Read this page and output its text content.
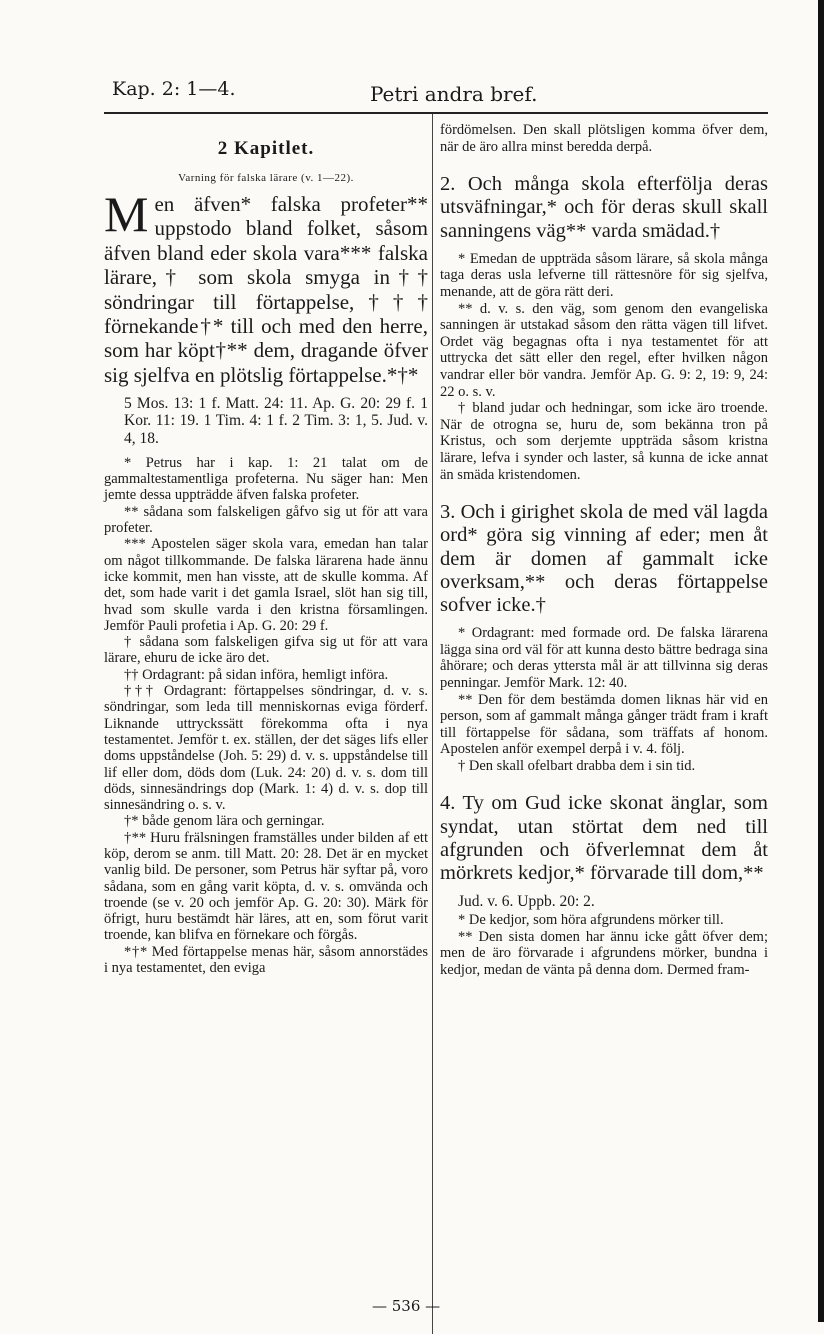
Kap. 2: 1—4.	Petri andra bref.
2 Kapitlet.
Varning för falska lärare (v. 1—22).

Men äfven* falska profeter** uppstodo bland folket, såsom äfven bland eder skola vara*** falska lärare,† som skola smyga in†† söndringar till förtappelse,††† förnekande†* till och med den herre, som har köpt†** dem, dragande öfver sig sjelfva en plötslig förtappelse.*†*

5 Mos. 13: 1 f. Matt. 24: 11. Ap. G. 20: 29 f. 1 Kor. 11: 19. 1 Tim. 4: 1 f. 2 Tim. 3: 1, 5. Jud. v. 4, 18.

* Petrus har i kap. 1: 21 talat om de gammaltestamentliga profeterna. Nu säger han: Men jemte dessa uppträdde äfven falska profeter.

** sådana som falskeligen gåfvo sig ut för att vara profeter.

*** Apostelen säger skola vara, emedan han talar om något tillkommande. De falska lärarena hade ännu icke kommit, men han visste, att de skulle komma. Af det, som hade varit i det gamla Israel, slöt han sig till, hvad som skulle varda i den kristna församlingen. Jemför Pauli profetia i Ap. G. 20: 29 f.

† sådana som falskeligen gifva sig ut för att vara lärare, ehuru de icke äro det.

†† Ordagrant: på sidan införa, hemligt införa.

††† Ordagrant: förtappelses söndringar, d. v. s. söndringar, som leda till menniskornas eviga förderf. Liknande uttryckssätt förekomma ofta i nya testamentet. Jemför t. ex. ställen, der det säges lifs eller doms uppståndelse (Joh. 5: 29) d. v. s. uppståndelse till lif eller dom, döds dom (Luk. 24: 20) d. v. s. dom till döds, sinnesändrings dop (Mark. 1: 4) d. v. s. dop till sinnesändring o. s. v.

†* både genom lära och gerningar.

†** Huru frälsningen framställes under bilden af ett köp, derom se anm. till Matt. 20: 28. Det är en mycket vanlig bild. De personer, som Petrus här syftar på, voro sådana, som en gång varit köpta, d. v. s. omvända och troende (se v. 20 och jemför Ap. G. 20: 30). Märk för öfrigt, huru bestämdt här läres, att en, som förut varit troende, kan blifva en förnekare och förgås.

*†* Med förtappelse menas här, såsom annorstädes i nya testamentet, den eviga

fördömelsen. Den skall plötsligen komma öfver dem, när de äro allra minst beredda derpå.

2. Och många skola efterfölja deras utsväfningar,* och för deras skull skall sanningens väg** varda smädad.†

* Emedan de uppträda såsom lärare, så skola många taga deras usla lefverne till rättesnöre för sig sjelfva, menande, att de göra rätt deri.

** d. v. s. den väg, som genom den evangeliska sanningen är utstakad såsom den rätta vägen till lifvet. Ordet väg begagnas ofta i nya testamentet för att uttrycka det sätt eller den regel, efter hvilken någon vandrar eller bör vandra. Jemför Ap. G. 9: 2, 19: 9, 24: 22 o. s. v.

† bland judar och hedningar, som icke äro troende. När de otrogna se, huru de, som bekänna tron på Kristus, och som derjemte uppträda såsom kristna lärare, lefva i synder och laster, så kunna de icke annat än smäda kristendomen.

3. Och i girighet skola de med väl lagda ord* göra sig vinning af eder; men åt dem är domen af gammalt icke overksam,** och deras förtappelse sofver icke.†

* Ordagrant: med formade ord. De falska lärarena lägga sina ord väl för att kunna desto bättre bedraga sina åhörare; och deras yttersta mål är att tillvinna sig deras penningar. Jemför Mark. 12: 40.

** Den för dem bestämda domen liknas här vid en person, som af gammalt många gånger trädt fram i kraft till förtappelse för sådana, som träffats af honom. Apostelen anför exempel derpå i v. 4. följ.

† Den skall ofelbart drabba dem i sin tid.

4. Ty om Gud icke skonat änglar, som syndat, utan störtat dem ned till afgrunden och öfverlemnat dem åt mörkrets kedjor,* förvarade till dom,**

Jud. v. 6. Uppb. 20: 2.

* De kedjor, som höra afgrundens mörker till.

** Den sista domen har ännu icke gått öfver dem; men de äro förvarade i afgrundens mörker, bundna i kedjor, medan de vänta på denna dom. Dermed fram-

— 536 —
